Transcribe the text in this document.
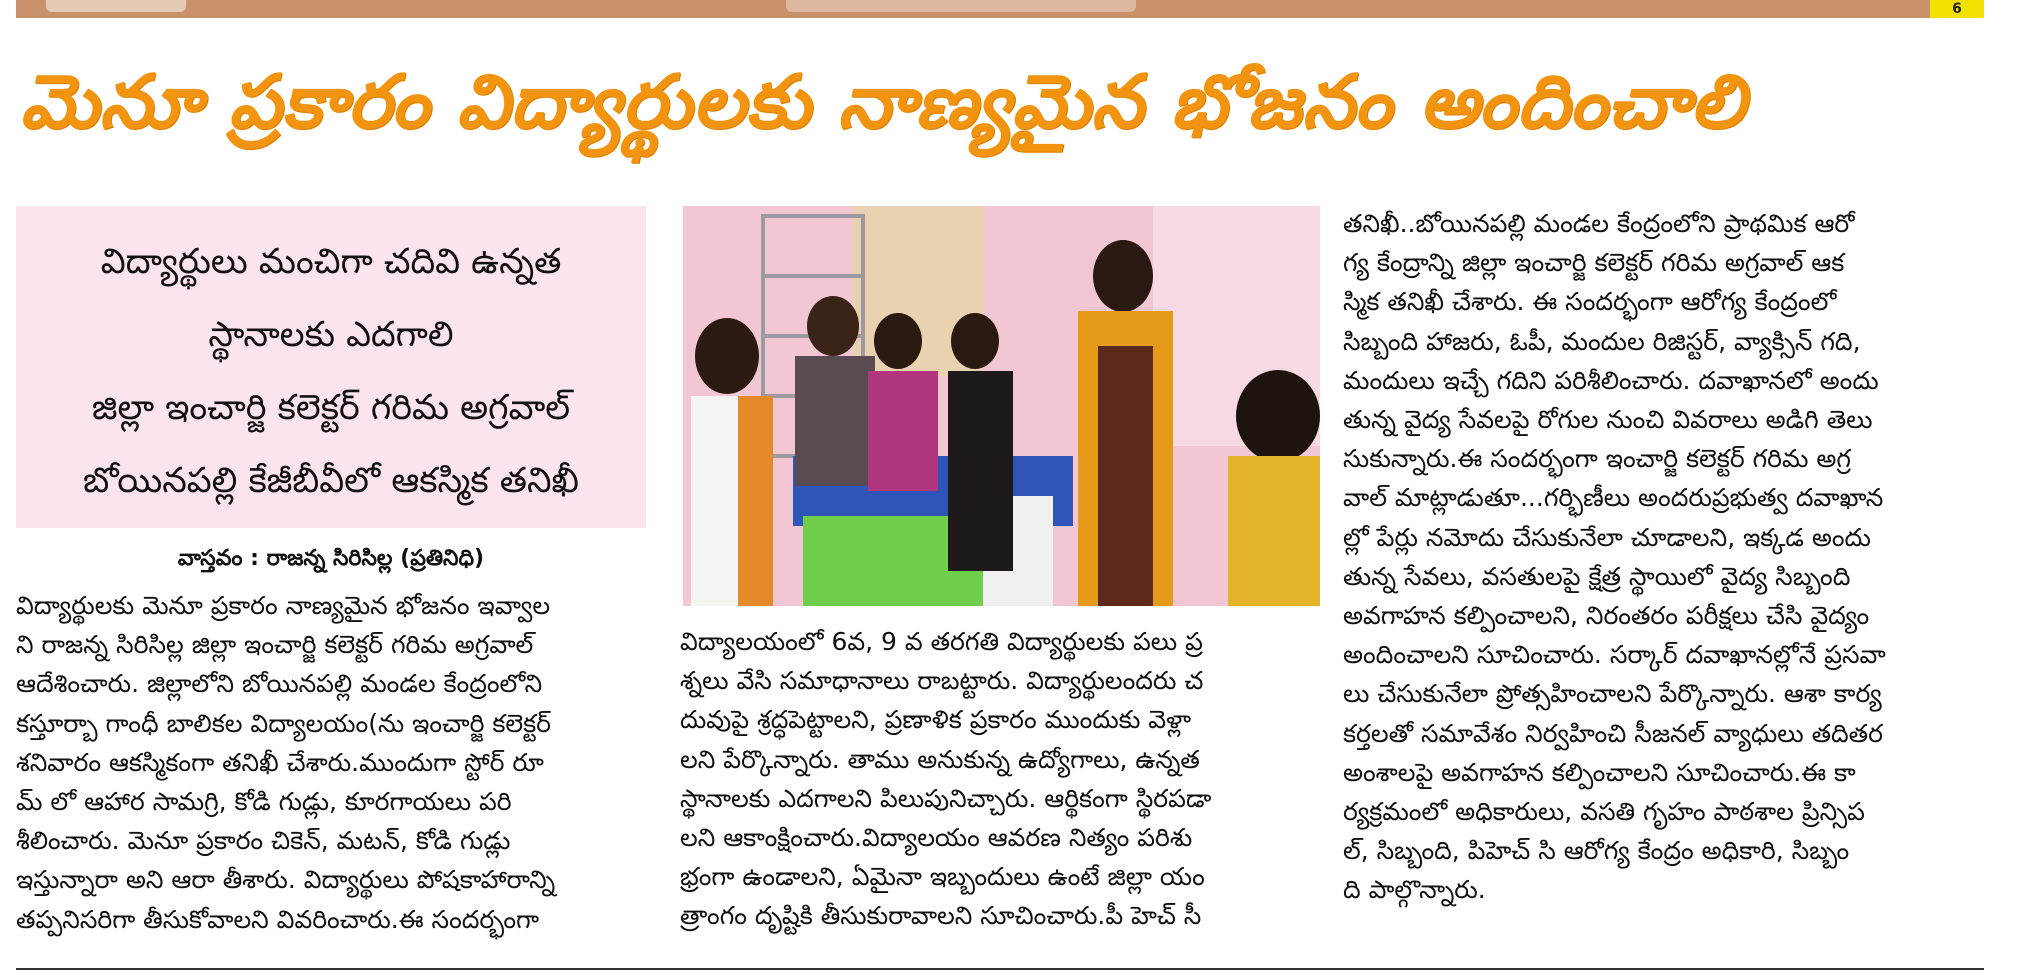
6
మెనూ ప్రకారం విద్యార్థులకు నాణ్యమైన భోజనం అందించాలి
విద్యార్థులు మంచిగా చదివి ఉన్నత
స్థానాలకు ఎదగాలి
జిల్లా ఇంచార్జి కలెక్టర్ గరిమ అగ్రవాల్
బోయినపల్లి కేజీబీవీలో ఆకస్మిక తనిఖీ
వాస్తవం : రాజన్న సిరిసిల్ల (ప్రతినిధి)
విద్యార్థులకు మెనూ ప్రకారం నాణ్యమైన భోజనం ఇవ్వాల
ని రాజన్న సిరిసిల్ల జిల్లా ఇంచార్జి కలెక్టర్ గరిమ అగ్రవాల్
ఆదేశించారు. జిల్లాలోని బోయినపల్లి మండల కేంద్రంలోని
కస్తూర్బా గాంధీ బాలికల విద్యాలయం(ను ఇంచార్జి కలెక్టర్
శనివారం ఆకస్మికంగా తనిఖీ చేశారు.ముందుగా స్టోర్ రూ
మ్ లో ఆహార సామగ్రి, కోడి గుడ్లు, కూరగాయలు పరి
శీలించారు. మెనూ ప్రకారం చికెన్, మటన్, కోడి గుడ్లు
ఇస్తున్నారా అని ఆరా తీశారు. విద్యార్థులు పోషకాహారాన్ని
తప్పనిసరిగా తీసుకోవాలని వివరించారు.ఈ సందర్భంగా
విద్యాలయంలో 6వ, 9 వ తరగతి విద్యార్థులకు పలు ప్ర
శ్నలు వేసి సమాధానాలు రాబట్టారు. విద్యార్థులందరు చ
దువుపై శ్రద్ధపెట్టాలని, ప్రణాళిక ప్రకారం ముందుకు వెళ్లా
లని పేర్కొన్నారు. తాము అనుకున్న ఉద్యోగాలు, ఉన్నత
స్థానాలకు ఎదగాలని పిలుపునిచ్చారు. ఆర్థికంగా స్థిరపడా
లని ఆకాంక్షించారు.విద్యాలయం ఆవరణ నిత్యం పరిశు
భ్రంగా ఉండాలని, ఏమైనా ఇబ్బందులు ఉంటే జిల్లా యం
త్రాంగం దృష్టికి తీసుకురావాలని సూచించారు.పీ హెచ్ సీ
తనిఖీ..బోయినపల్లి మండల కేంద్రంలోని ప్రాథమిక ఆరో
గ్య కేంద్రాన్ని జిల్లా ఇంచార్జి కలెక్టర్ గరిమ అగ్రవాల్ ఆక
స్మిక తనిఖీ చేశారు. ఈ సందర్భంగా ఆరోగ్య కేంద్రంలో
సిబ్బంది హాజరు, ఓపీ, మందుల రిజిస్టర్, వ్యాక్సిన్ గది,
మందులు ఇచ్చే గదిని పరిశీలించారు. దవాఖానలో అందు
తున్న వైద్య సేవలపై రోగుల నుంచి వివరాలు అడిగి తెలు
సుకున్నారు.ఈ సందర్భంగా ఇంచార్జి కలెక్టర్ గరిమ అగ్ర
వాల్ మాట్లాడుతూ...గర్భిణీలు అందరుప్రభుత్వ దవాఖాన
ల్లో పేర్లు నమోదు చేసుకునేలా చూడాలని, ఇక్కడ అందు
తున్న సేవలు, వసతులపై క్షేత్ర స్థాయిలో వైద్య సిబ్బంది
అవగాహన కల్పించాలని, నిరంతరం పరీక్షలు చేసి వైద్యం
అందించాలని సూచించారు. సర్కార్ దవాఖానల్లోనే ప్రసవా
లు చేసుకునేలా ప్రోత్సహించాలని పేర్కొన్నారు. ఆశా కార్య
కర్తలతో సమావేశం నిర్వహించి సీజనల్ వ్యాధులు తదితర
అంశాలపై అవగాహన కల్పించాలని సూచించారు.ఈ కా
ర్యక్రమంలో అధికారులు, వసతి గృహం పాఠశాల ప్రిన్సిప
ల్, సిబ్బంది, పిహెచ్ సి ఆరోగ్య కేంద్రం అధికారి, సిబ్బం
ది పాల్గొన్నారు.
